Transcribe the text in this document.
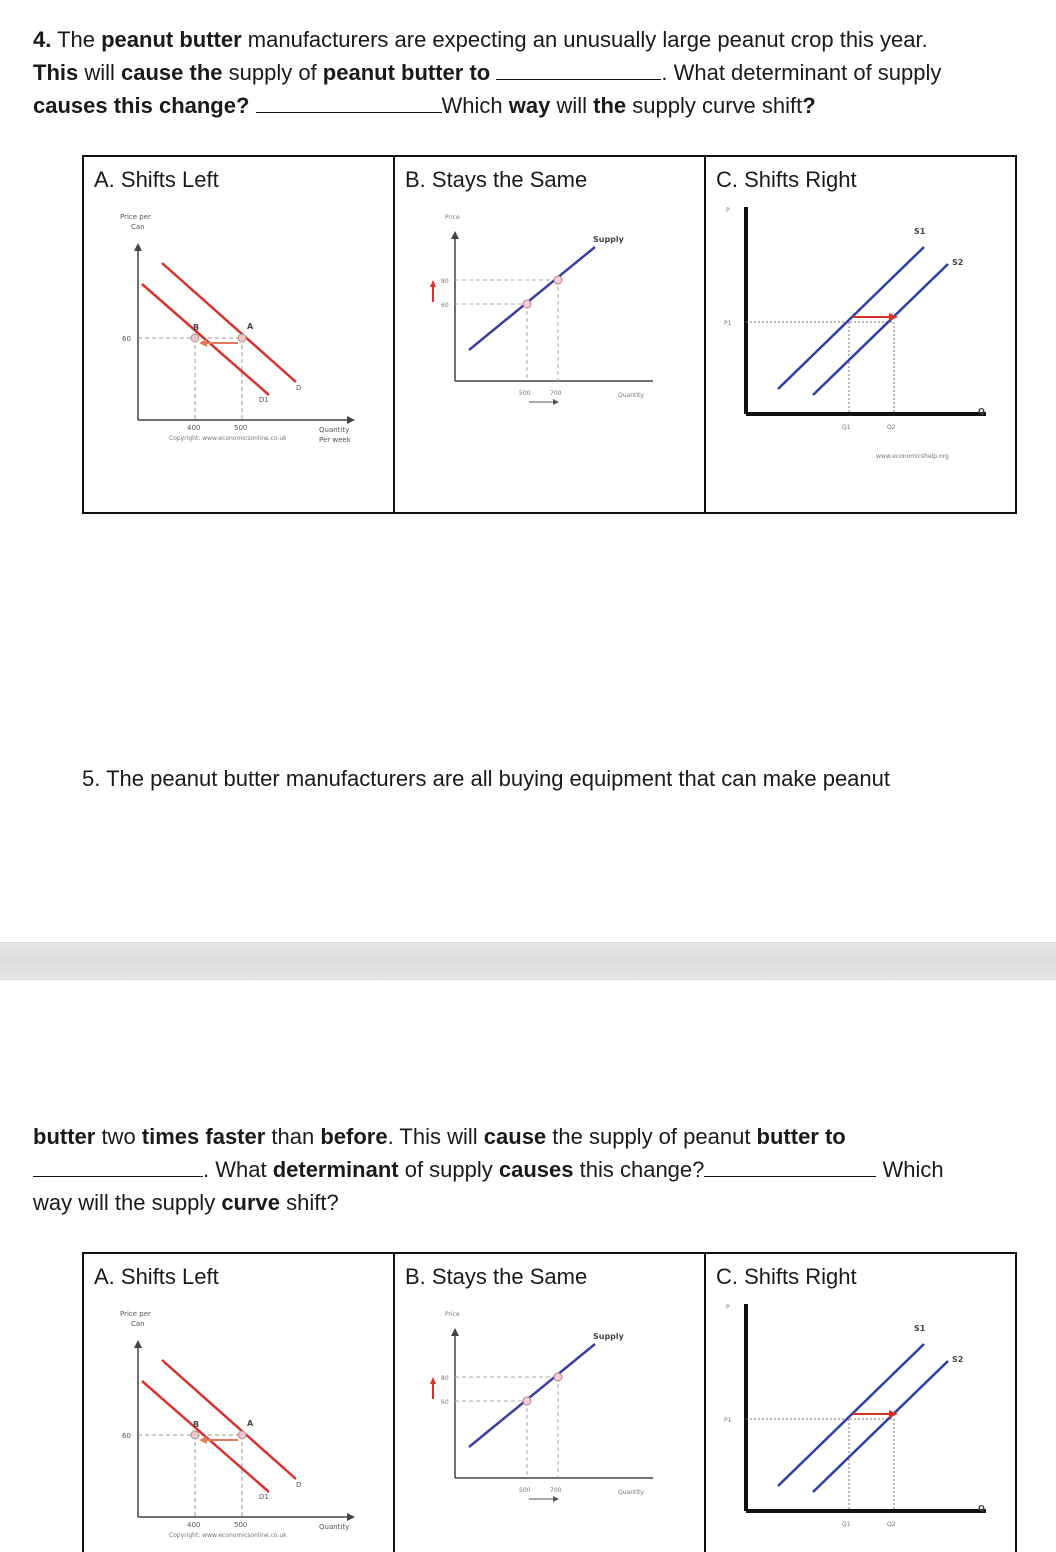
4. The peanut butter manufacturers are expecting an unusually large peanut crop this year.
This will cause the supply of peanut butter to	. What determinant of supply
causes this change?	Which way will the supply curve shift?
A. Shifts Left
Price per
Can
60
B	A
D1
D
400	500	Quantity
Per week
Copyright: www.economicsonline.co.uk
B. Stays the Same
Price
80
60
Supply
500	700	Quantity
C. Shifts Right
P
P1
S1
S2
Q1	Q2
Q
www.economicshelp.org
5. The peanut butter manufacturers are all buying equipment that can make peanut
butter two times faster than before. This will cause the supply of peanut butter to
. What determinant of supply causes this change?	Which
way will the supply curve shift?
A. Shifts Left
Price per
Can
60
B	A
D1
D
400	500	Quantity
Copyright: www.economicsonline.co.uk
B. Stays the Same
Price
80
60
Supply
500	700	Quantity
C. Shifts Right
P
P1
S1
S2
Q1	Q2
Q
